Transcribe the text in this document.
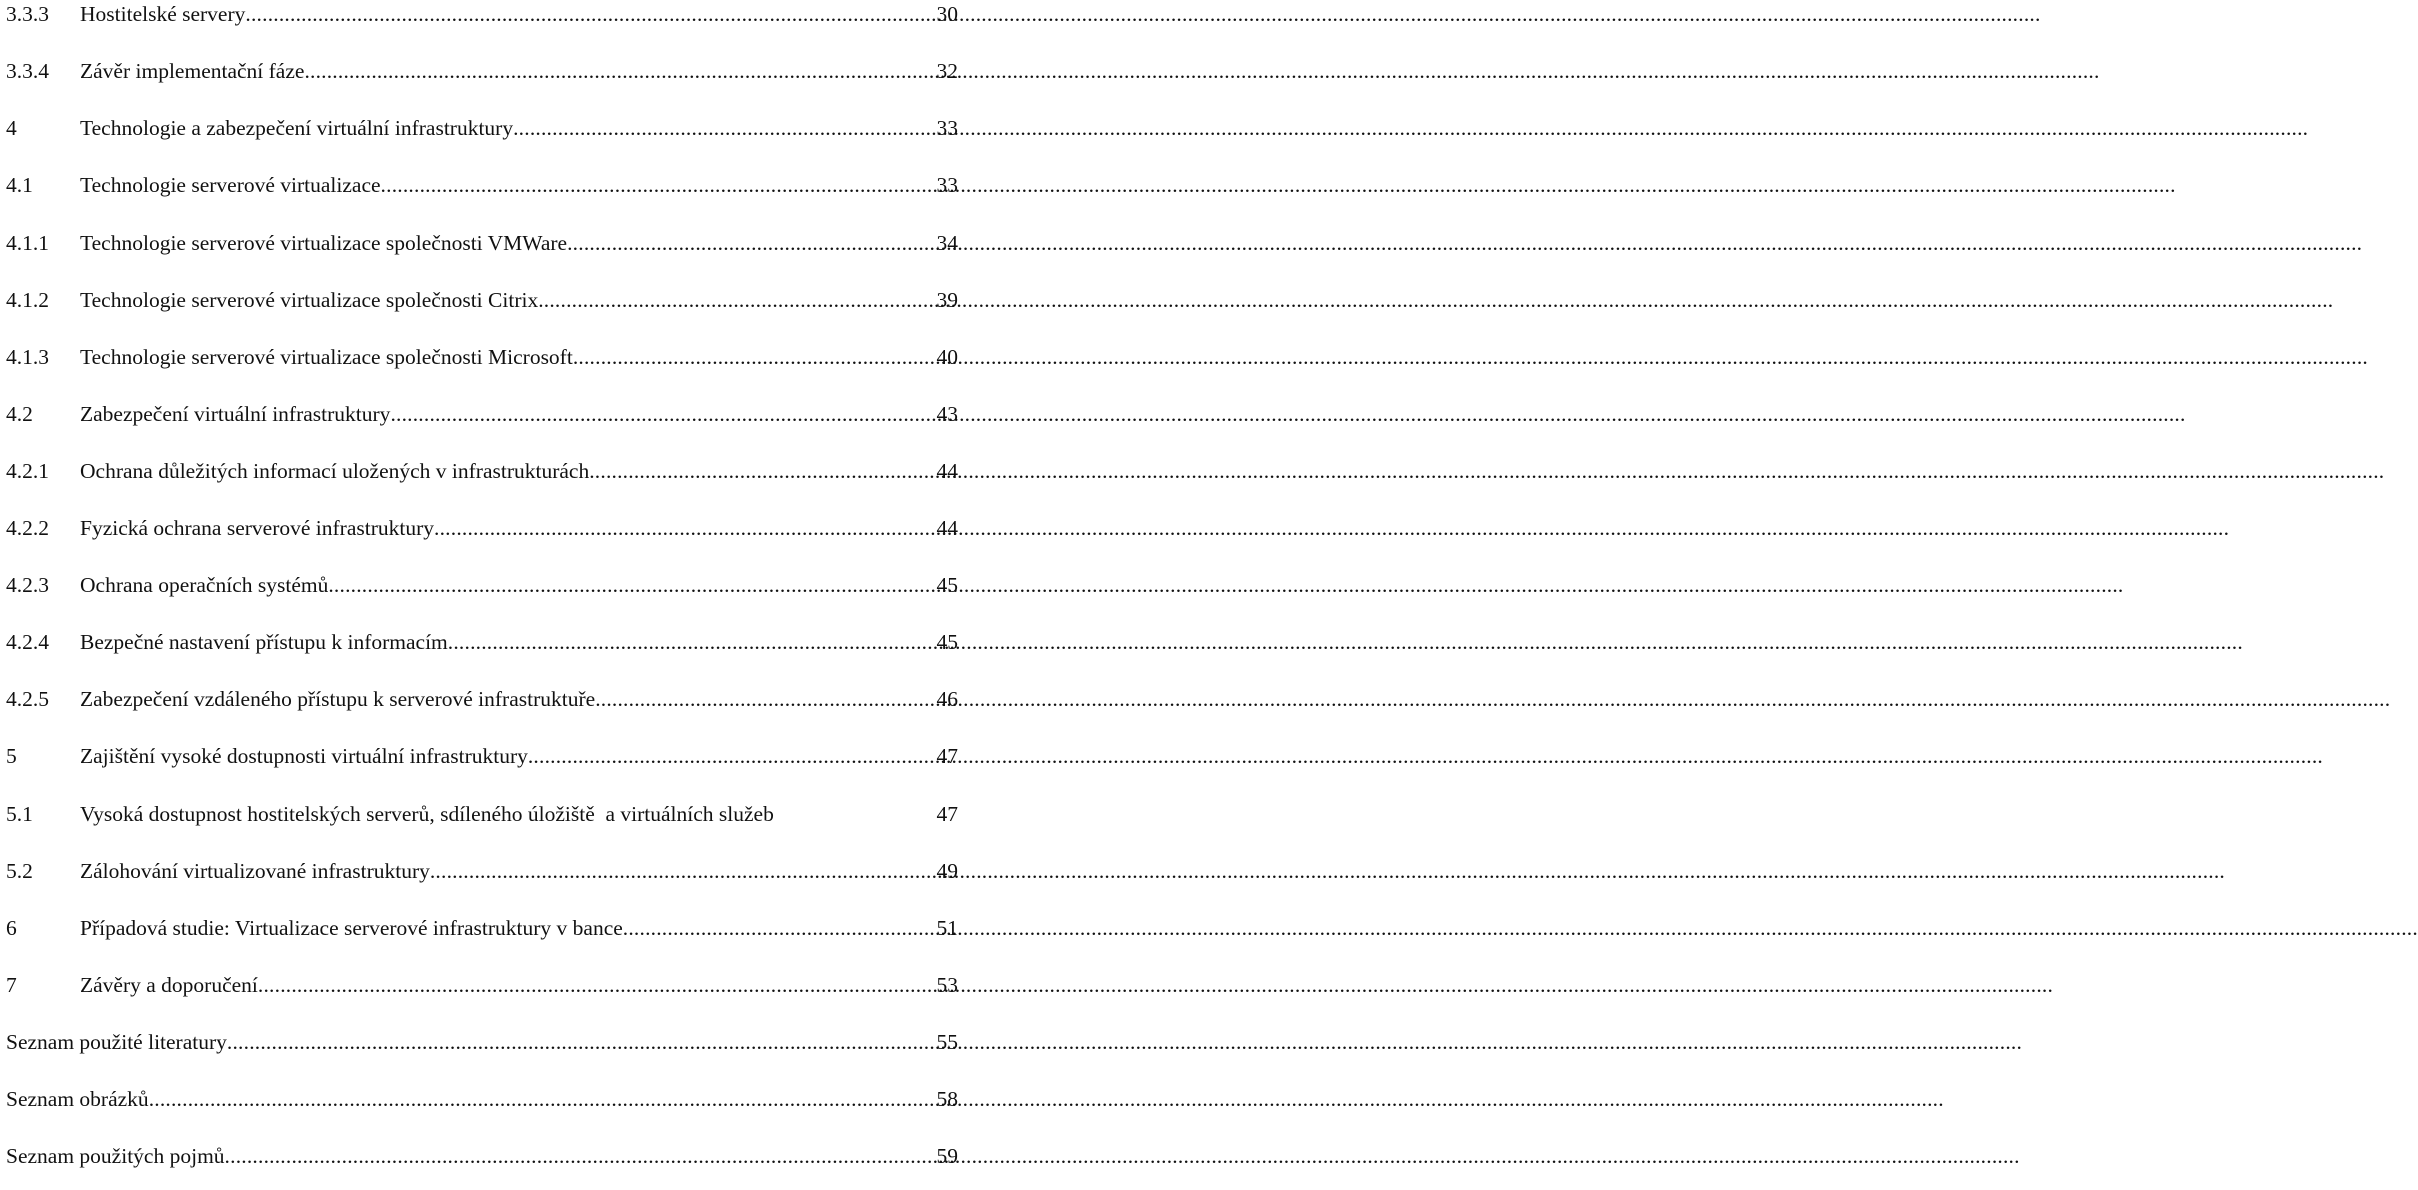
3.3.3	Hostitelské servery .....	30
3.3.4	Závěr implementační fáze .....	32
4	Technologie a zabezpečení virtuální infrastruktury .....	33
4.1	Technologie serverové virtualizace .....	33
4.1.1	Technologie serverové virtualizace společnosti VMWare .....	34
4.1.2	Technologie serverové virtualizace společnosti Citrix .....	39
4.1.3	Technologie serverové virtualizace společnosti Microsoft .....	40
4.2	Zabezpečení virtuální infrastruktury .....	43
4.2.1	Ochrana důležitých informací uložených v infrastrukturách .....	44
4.2.2	Fyzická ochrana serverové infrastruktury .....	44
4.2.3	Ochrana operačních systémů .....	45
4.2.4	Bezpečné nastavení přístupu k informacím .....	45
4.2.5	Zabezpečení vzdáleného přístupu k serverové infrastruktuře .....	46
5	Zajištění vysoké dostupnosti virtuální infrastruktury .....	47
5.1	Vysoká dostupnost hostitelských serverů, sdíleného úložiště  a virtuálních služeb	47
5.2	Zálohování virtualizované infrastruktury .....	49
6	Případová studie: Virtualizace serverové infrastruktury v bance .....	51
7	Závěry a doporučení .....	53
Seznam použité literatury .....	55
Seznam obrázků .....	58
Seznam použitých pojmů .....	59
